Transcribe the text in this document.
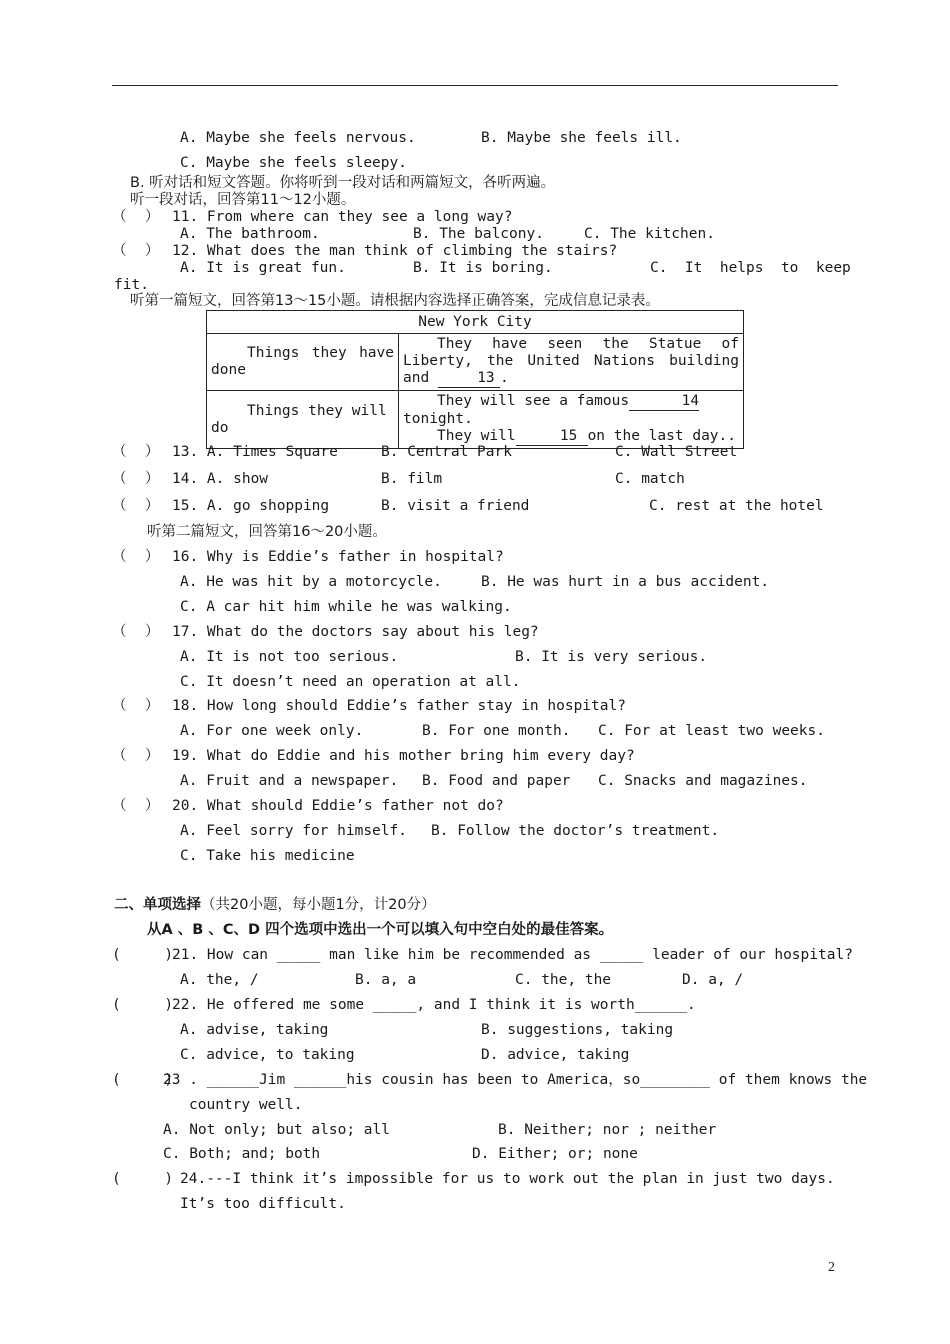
A. Maybe she feels nervous.	B. Maybe she feels ill.
C. Maybe she feels sleepy.
B. 听对话和短文答题。你将听到一段对话和两篇短文，各听两遍。
听一段对话，回答第11～12小题。
（    ） 11. From where can they see a long way?
A. The bathroom.	B. The balcony.	C. The kitchen.
（    ） 12. What does the man think of climbing the stairs?
A. It is great fun.	B. It is boring.	C.  It  helps  to  keep
fit.
听第一篇短文，回答第13～15小题。请根据内容选择正确答案，完成信息记录表。
New York City	

Things they have done	They have seen the Statue of Liberty, the United Nations building and 13 .

Things they will do	They will see a famous 14
tonight.
They will 15 on the last day..
（    ） 13. A. Times Square	B. Central Park	C. Wall Street
（    ） 14. A. show	B. film	C. match
（    ） 15. A. go shopping	B. visit a friend	C. rest at the hotel
听第二篇短文，回答第16～20小题。
（    ） 16. Why is Eddie’s father in hospital?
A. He was hit by a motorcycle.	B. He was hurt in a bus accident.
C. A car hit him while he was walking.
（    ） 17. What do the doctors say about his leg?
A. It is not too serious.	B. It is very serious.
C. It doesn’t need an operation at all.
（    ） 18. How long should Eddie’s father stay in hospital?
A. For one week only.	B. For one month. C. For at least two weeks.
（    ） 19. What do Eddie and his mother bring him every day?
A. Fruit and a newspaper. B. Food and paper C. Snacks and magazines.
（    ） 20. What should Eddie’s father not do?
A. Feel sorry for himself. B. Follow the doctor’s treatment.
C. Take his medicine
二、单项选择（共20小题，每小题1分，计20分）
从A 、B 、C、D 四个选项中选出一个可以填入句中空白处的最佳答案。
(     )
21. How can _____ man like him be recommended as _____ leader of our hospital?
A. the, /	B. a, a	C. the, the	D. a, /
(     )
22. He offered me some _____, and I think it is worth______.
A. advise, taking	B. suggestions, taking
C. advice, to taking	D. advice, taking
(     )
23 . ______Jim ______his cousin has been to America，so________ of them knows the
country well.
A. Not only; but also; all	B. Neither; nor ; neither
C. Both; and; both	D. Either; or; none
(     ) 24.---I think it’s impossible for us to work out the plan in just two days.
It’s too difficult.
2
